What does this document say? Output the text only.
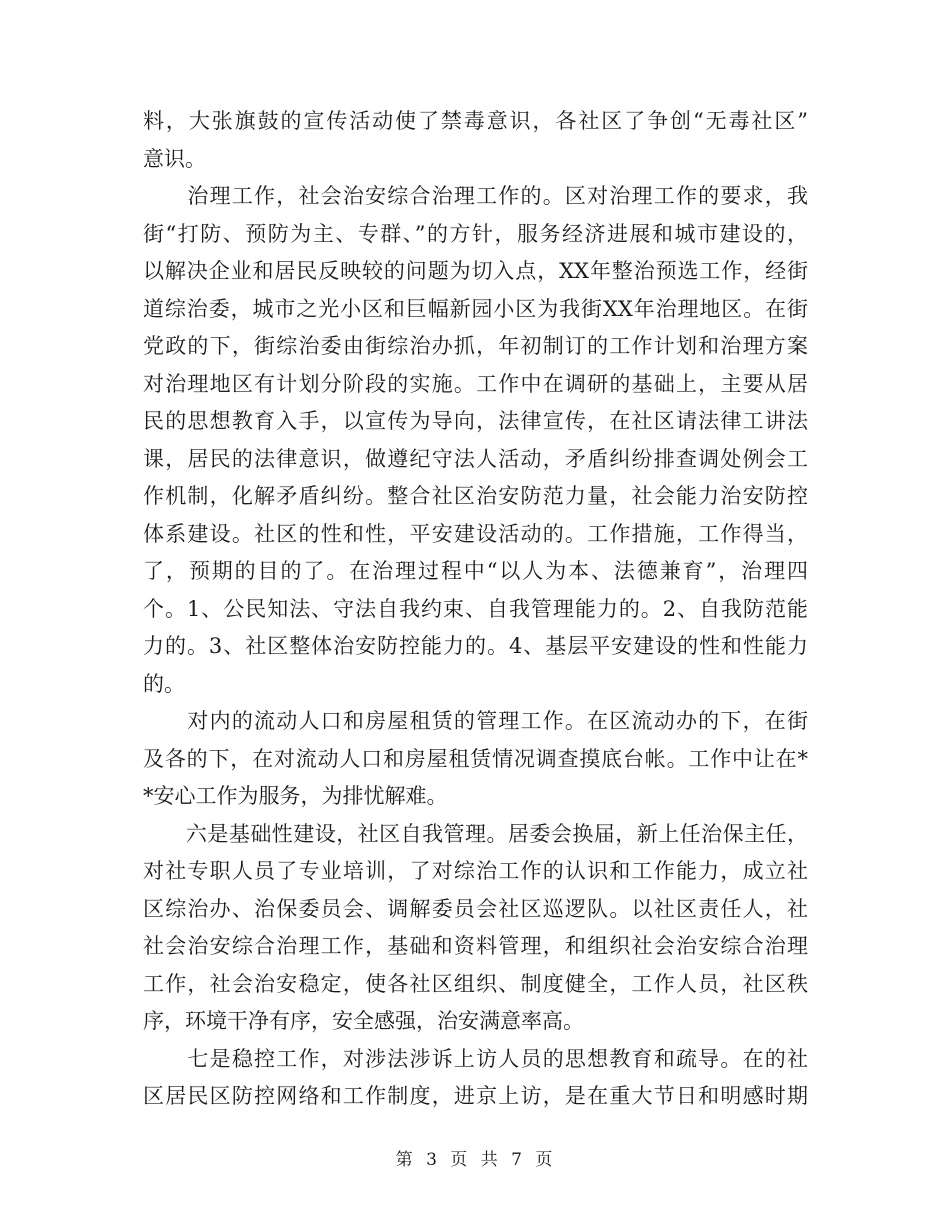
料，大张旗鼓的宣传活动使了禁毒意识，各社区了争创“无毒社区”
意识。
　　治理工作，社会治安综合治理工作的。区对治理工作的要求，我
街“打防、预防为主、专群、”的方针，服务经济进展和城市建设的，
以解决企业和居民反映较的问题为切入点，XX年整治预选工作，经街
道综治委，城市之光小区和巨幅新园小区为我街XX年治理地区。在街
党政的下，街综治委由街综治办抓，年初制订的工作计划和治理方案
对治理地区有计划分阶段的实施。工作中在调研的基础上，主要从居
民的思想教育入手，以宣传为导向，法律宣传，在社区请法律工讲法
课，居民的法律意识，做遵纪守法人活动，矛盾纠纷排查调处例会工
作机制，化解矛盾纠纷。整合社区治安防范力量，社会能力治安防控
体系建设。社区的性和性，平安建设活动的。工作措施，工作得当，
了，预期的目的了。在治理过程中“以人为本、法德兼育”，治理四
个。1、公民知法、守法自我约束、自我管理能力的。2、自我防范能
力的。3、社区整体治安防控能力的。4、基层平安建设的性和性能力
的。
　　对内的流动人口和房屋租赁的管理工作。在区流动办的下，在街
及各的下，在对流动人口和房屋租赁情况调查摸底台帐。工作中让在*
*安心工作为服务，为排忧解难。
　　六是基础性建设，社区自我管理。居委会换届，新上任治保主任，
对社专职人员了专业培训，了对综治工作的认识和工作能力，成立社
区综治办、治保委员会、调解委员会社区巡逻队。以社区责任人，社
社会治安综合治理工作，基础和资料管理，和组织社会治安综合治理
工作，社会治安稳定，使各社区组织、制度健全，工作人员，社区秩
序，环境干净有序，安全感强，治安满意率高。
　　七是稳控工作，对涉法涉诉上访人员的思想教育和疏导。在的社
区居民区防控网络和工作制度，进京上访，是在重大节日和明感时期
第 3 页 共 7 页
